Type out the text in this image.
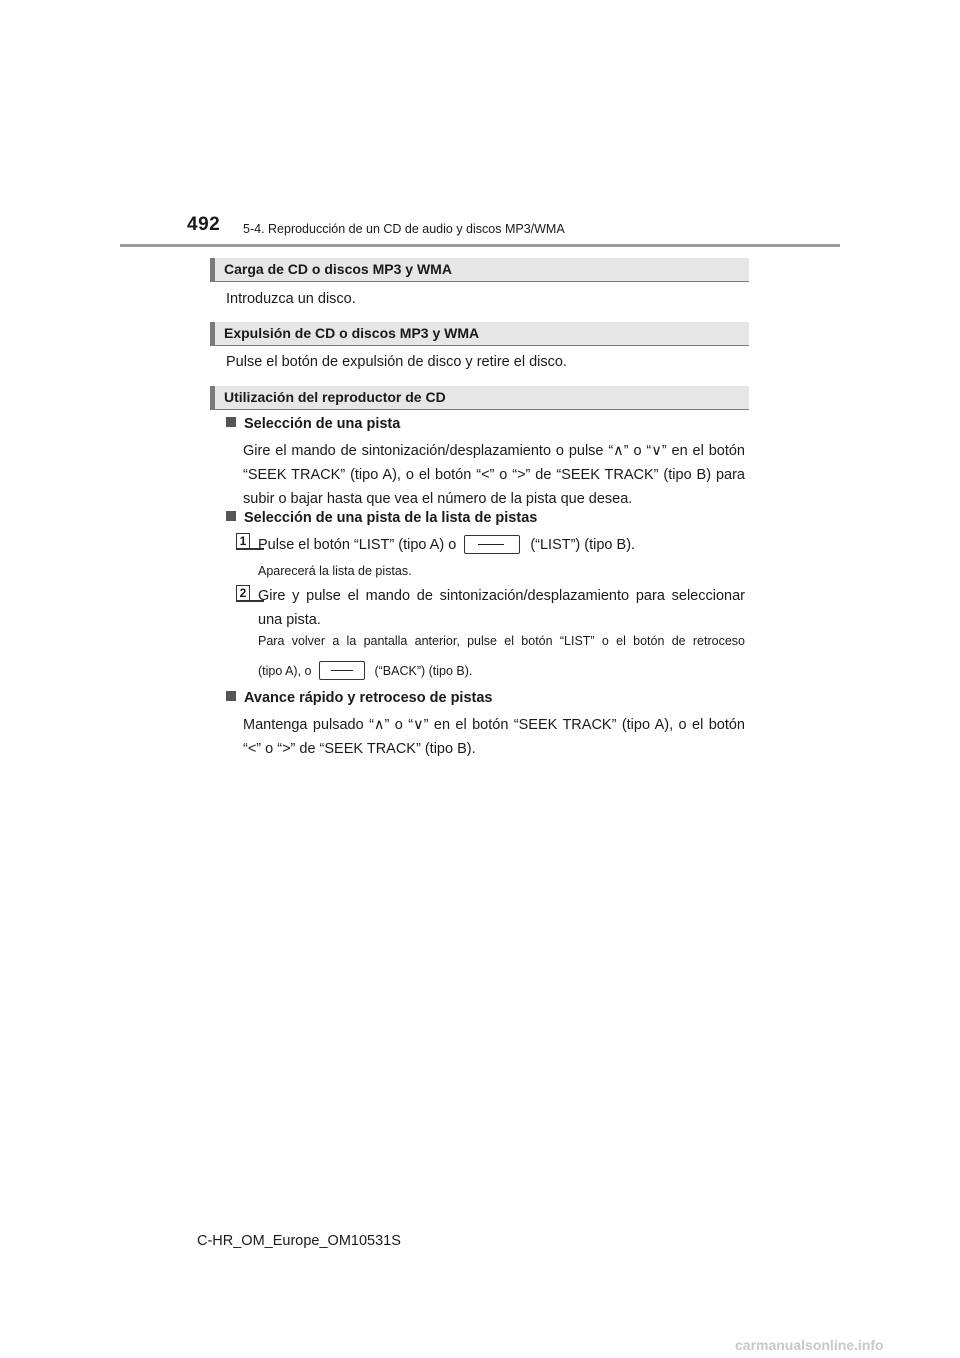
492 5-4. Reproducción de un CD de audio y discos MP3/WMA
Carga de CD o discos MP3 y WMA
Introduzca un disco.
Expulsión de CD o discos MP3 y WMA
Pulse el botón de expulsión de disco y retire el disco.
Utilización del reproductor de CD
Selección de una pista
Gire el mando de sintonización/desplazamiento o pulse “∧” o “∨” en el botón “SEEK TRACK” (tipo A), o el botón “<” o “>” de “SEEK TRACK” (tipo B) para subir o bajar hasta que vea el número de la pista que desea.
Selección de una pista de la lista de pistas
1 Pulse el botón “LIST” (tipo A) o	(“LIST”) (tipo B).
Aparecerá la lista de pistas.
2 Gire y pulse el mando de sintonización/desplazamiento para seleccionar una pista.
Para volver a la pantalla anterior, pulse el botón “LIST” o el botón de retroceso
(tipo A), o	(“BACK”) (tipo B).
Avance rápido y retroceso de pistas
Mantenga pulsado “∧” o “∨” en el botón “SEEK TRACK” (tipo A), o el botón “<” o “>” de “SEEK TRACK” (tipo B).
C-HR_OM_Europe_OM10531S
carmanualsonline.info
